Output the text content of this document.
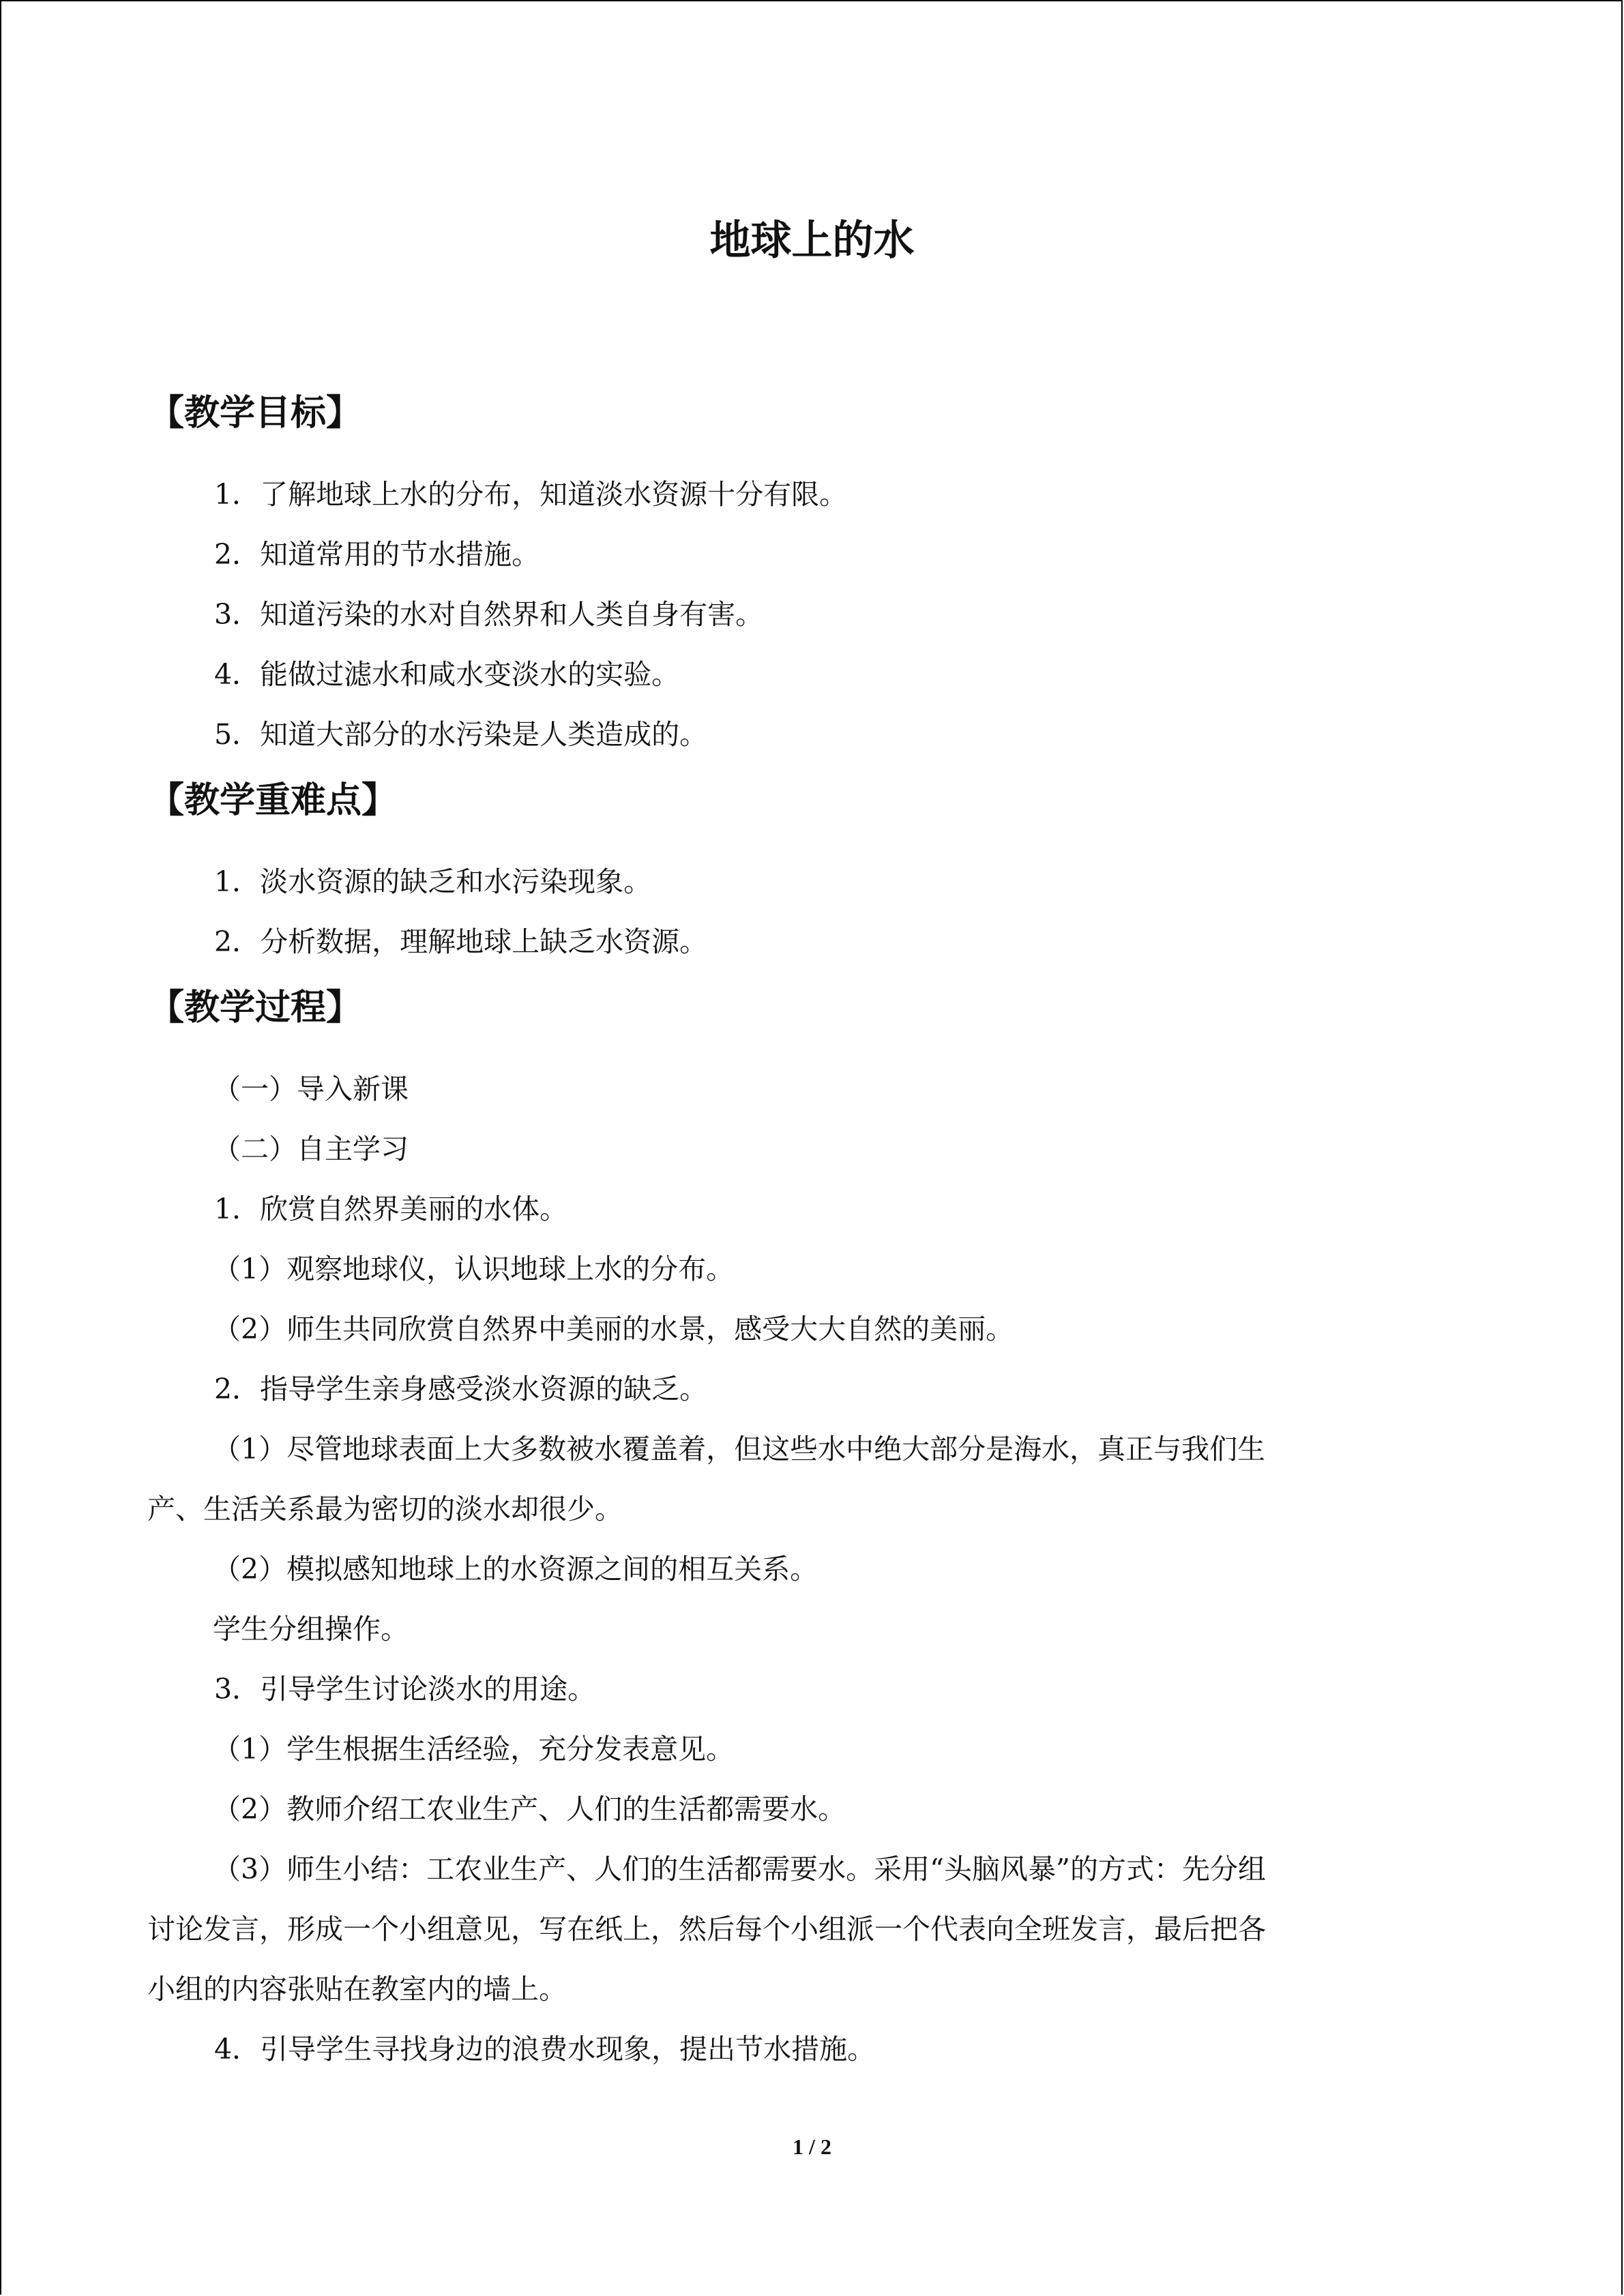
地球上的水
【教学目标】
1．了解地球上水的分布，知道淡水资源十分有限。
2．知道常用的节水措施。
3．知道污染的水对自然界和人类自身有害。
4．能做过滤水和咸水变淡水的实验。
5．知道大部分的水污染是人类造成的。
【教学重难点】
1．淡水资源的缺乏和水污染现象。
2．分析数据，理解地球上缺乏水资源。
【教学过程】
（一）导入新课
（二）自主学习
1．欣赏自然界美丽的水体。
（1）观察地球仪，认识地球上水的分布。
（2）师生共同欣赏自然界中美丽的水景，感受大大自然的美丽。
2．指导学生亲身感受淡水资源的缺乏。
（1）尽管地球表面上大多数被水覆盖着，但这些水中绝大部分是海水，真正与我们生
产、生活关系最为密切的淡水却很少。
（2）模拟感知地球上的水资源之间的相互关系。
学生分组操作。
3．引导学生讨论淡水的用途。
（1）学生根据生活经验，充分发表意见。
（2）教师介绍工农业生产、人们的生活都需要水。
（3）师生小结：工农业生产、人们的生活都需要水。采用“头脑风暴”的方式：先分组
讨论发言，形成一个小组意见，写在纸上，然后每个小组派一个代表向全班发言，最后把各
小组的内容张贴在教室内的墙上。
4．引导学生寻找身边的浪费水现象，提出节水措施。
1 / 2
